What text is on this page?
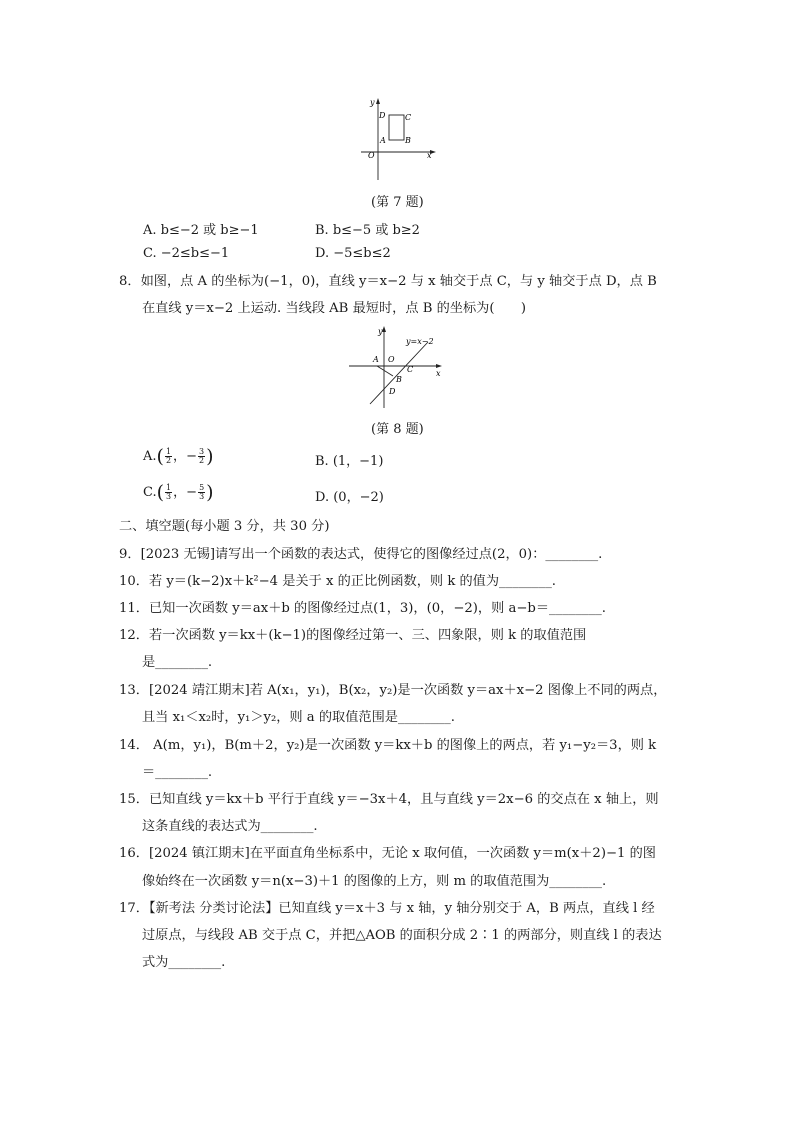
y
x
O
A B
C
D
(第 7 题)
A. b≤−2 或 b≥−1	B. b≤−5 或 b≥2
C. −2≤b≤−1	D. −5≤b≤2
8．如图，点 A 的坐标为(−1，0)，直线 y＝x−2 与 x 轴交于点 C，与 y 轴交于点 D，点 B
在直线 y＝x−2 上运动. 当线段 AB 最短时，点 B 的坐标为(　　)
y
x
O
A
B
C
D
y=x−2
(第 8 题)
$A.( \frac{1}{2}$ ，− $\frac{3}{2}$ )	B. (1，−1)
$C.( \frac{1}{3}$ ，− $\frac{5}{3}$ )	D. (0，−2)
二、填空题(每小题 3 分，共 30 分)
9．[2023 无锡]请写出一个函数的表达式，使得它的图像经过点(2，0)：________.
10．若 y＝(k−2)x＋k²−4 是关于 x 的正比例函数，则 k 的值为________.
11．已知一次函数 y＝ax＋b 的图像经过点(1，3)，(0，−2)，则 a−b＝________.
12．若一次函数 y＝kx＋(k−1)的图像经过第一、三、四象限，则 k 的取值范围
是________.
13．[2024 靖江期末]若 A(x₁，y₁)，B(x₂，y₂)是一次函数 y＝ax＋x−2 图像上不同的两点，
且当 x₁＜x₂时，y₁＞y₂，则 a 的取值范围是________.
14． A(m，y₁)，B(m＋2，y₂)是一次函数 y＝kx＋b 的图像上的两点，若 y₁−y₂＝3，则 k
＝________.
15．已知直线 y＝kx＋b 平行于直线 y＝−3x＋4，且与直线 y＝2x−6 的交点在 x 轴上，则
这条直线的表达式为________.
16．[2024 镇江期末]在平面直角坐标系中，无论 x 取何值，一次函数 y＝m(x＋2)−1 的图
像始终在一次函数 y＝n(x−3)＋1 的图像的上方，则 m 的取值范围为________.
17．【新考法 分类讨论法】已知直线 y＝x＋3 与 x 轴，y 轴分别交于 A，B 两点，直线 l 经
过原点，与线段 AB 交于点 C，并把△AOB 的面积分成 2∶1 的两部分，则直线 l 的表达
式为________.
